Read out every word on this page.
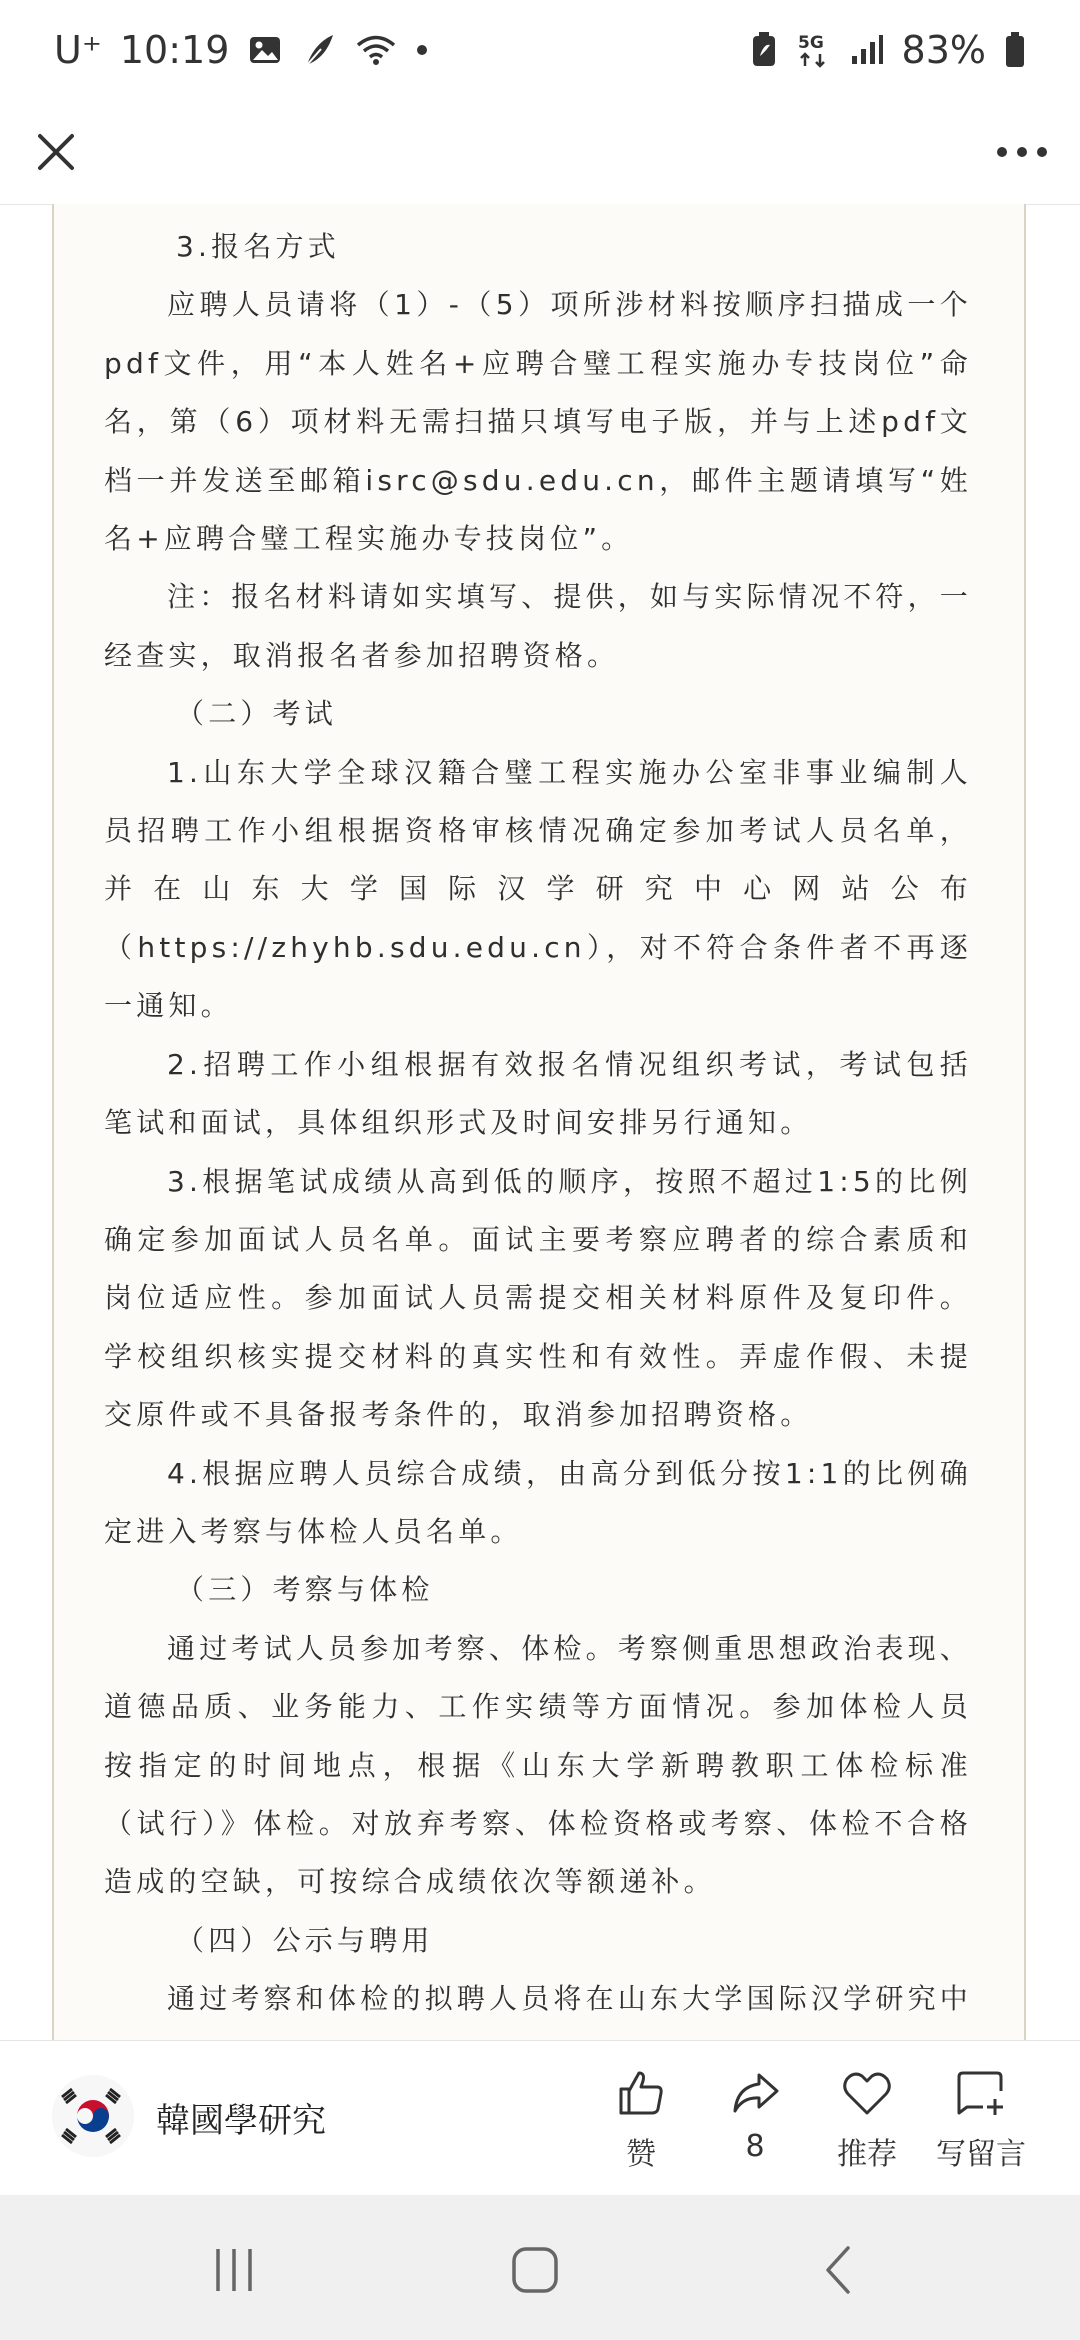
U⁺ 10:19	5G 83%

3.报名方式

应聘人员请将（1）-（5）项所涉材料按顺序扫描成一个pdf文件，用“本人姓名+应聘合璧工程实施办专技岗位”命名，第（6）项材料无需扫描只填写电子版，并与上述pdf文档一并发送至邮箱isrc@sdu.edu.cn，邮件主题请填写“姓名+应聘合璧工程实施办专技岗位”。

注：报名材料请如实填写、提供，如与实际情况不符，一经查实，取消报名者参加招聘资格。

（二）考试

1.山东大学全球汉籍合璧工程实施办公室非事业编制人员招聘工作小组根据资格审核情况确定参加考试人员名单，并在山东大学国际汉学研究中心网站公布（https://zhyhb.sdu.edu.cn），对不符合条件者不再逐一通知。

2.招聘工作小组根据有效报名情况组织考试，考试包括笔试和面试，具体组织形式及时间安排另行通知。

3.根据笔试成绩从高到低的顺序，按照不超过1:5的比例确定参加面试人员名单。面试主要考察应聘者的综合素质和岗位适应性。参加面试人员需提交相关材料原件及复印件。学校组织核实提交材料的真实性和有效性。弄虚作假、未提交原件或不具备报考条件的，取消参加招聘资格。

4.根据应聘人员综合成绩，由高分到低分按1:1的比例确定进入考察与体检人员名单。

（三）考察与体检

通过考试人员参加考察、体检。考察侧重思想政治表现、道德品质、业务能力、工作实绩等方面情况。参加体检人员按指定的时间地点，根据《山东大学新聘教职工体检标准（试行）》体检。对放弃考察、体检资格或考察、体检不合格造成的空缺，可按综合成绩依次等额递补。

（四）公示与聘用

通过考察和体检的拟聘人员将在山东大学国际汉学研究中

韓國學研究
赞	8 推荐 写留言
